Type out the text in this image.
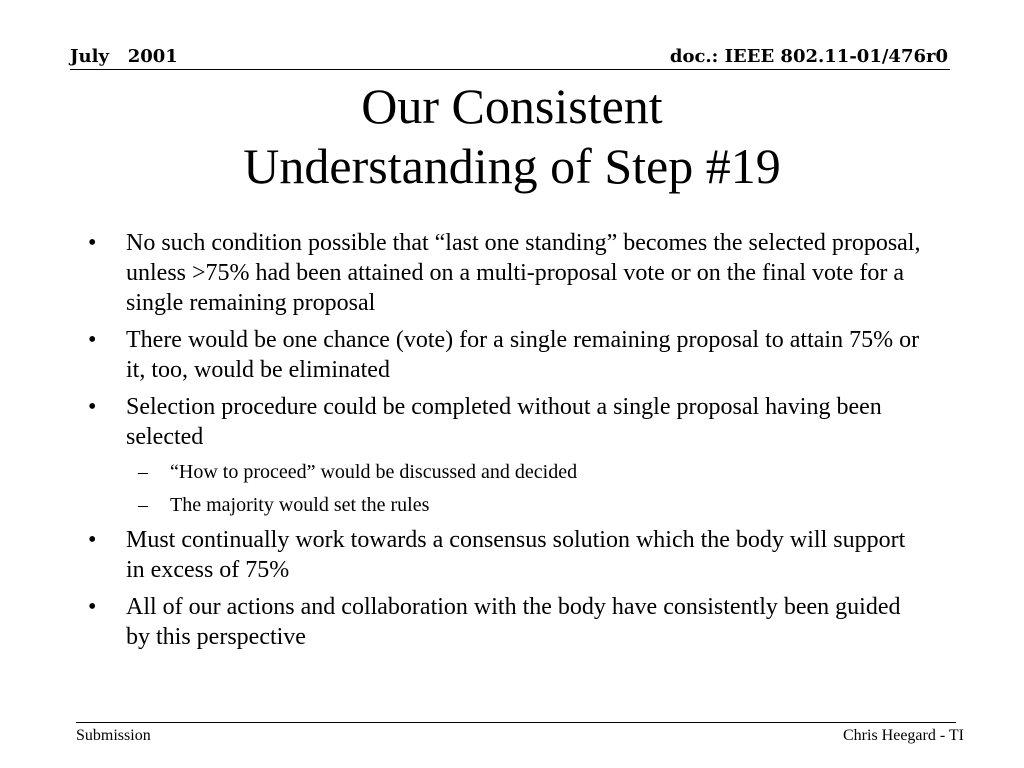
July   2001	doc.: IEEE 802.11-01/476r0
Our Consistent
Understanding of Step #19
• No such condition possible that “last one standing” becomes the selected proposal, unless >75% had been attained on a multi-proposal vote or on the final vote for a single remaining proposal
• There would be one chance (vote) for a single remaining proposal to attain 75% or it, too, would be eliminated
• Selection procedure could be completed without a single proposal having been selected
– “How to proceed” would be discussed and decided
– The majority would set the rules
• Must continually work towards a consensus solution which the body will support in excess of 75%
• All of our actions and collaboration with the body have consistently been guided by this perspective
Submission	Chris Heegard - TI
